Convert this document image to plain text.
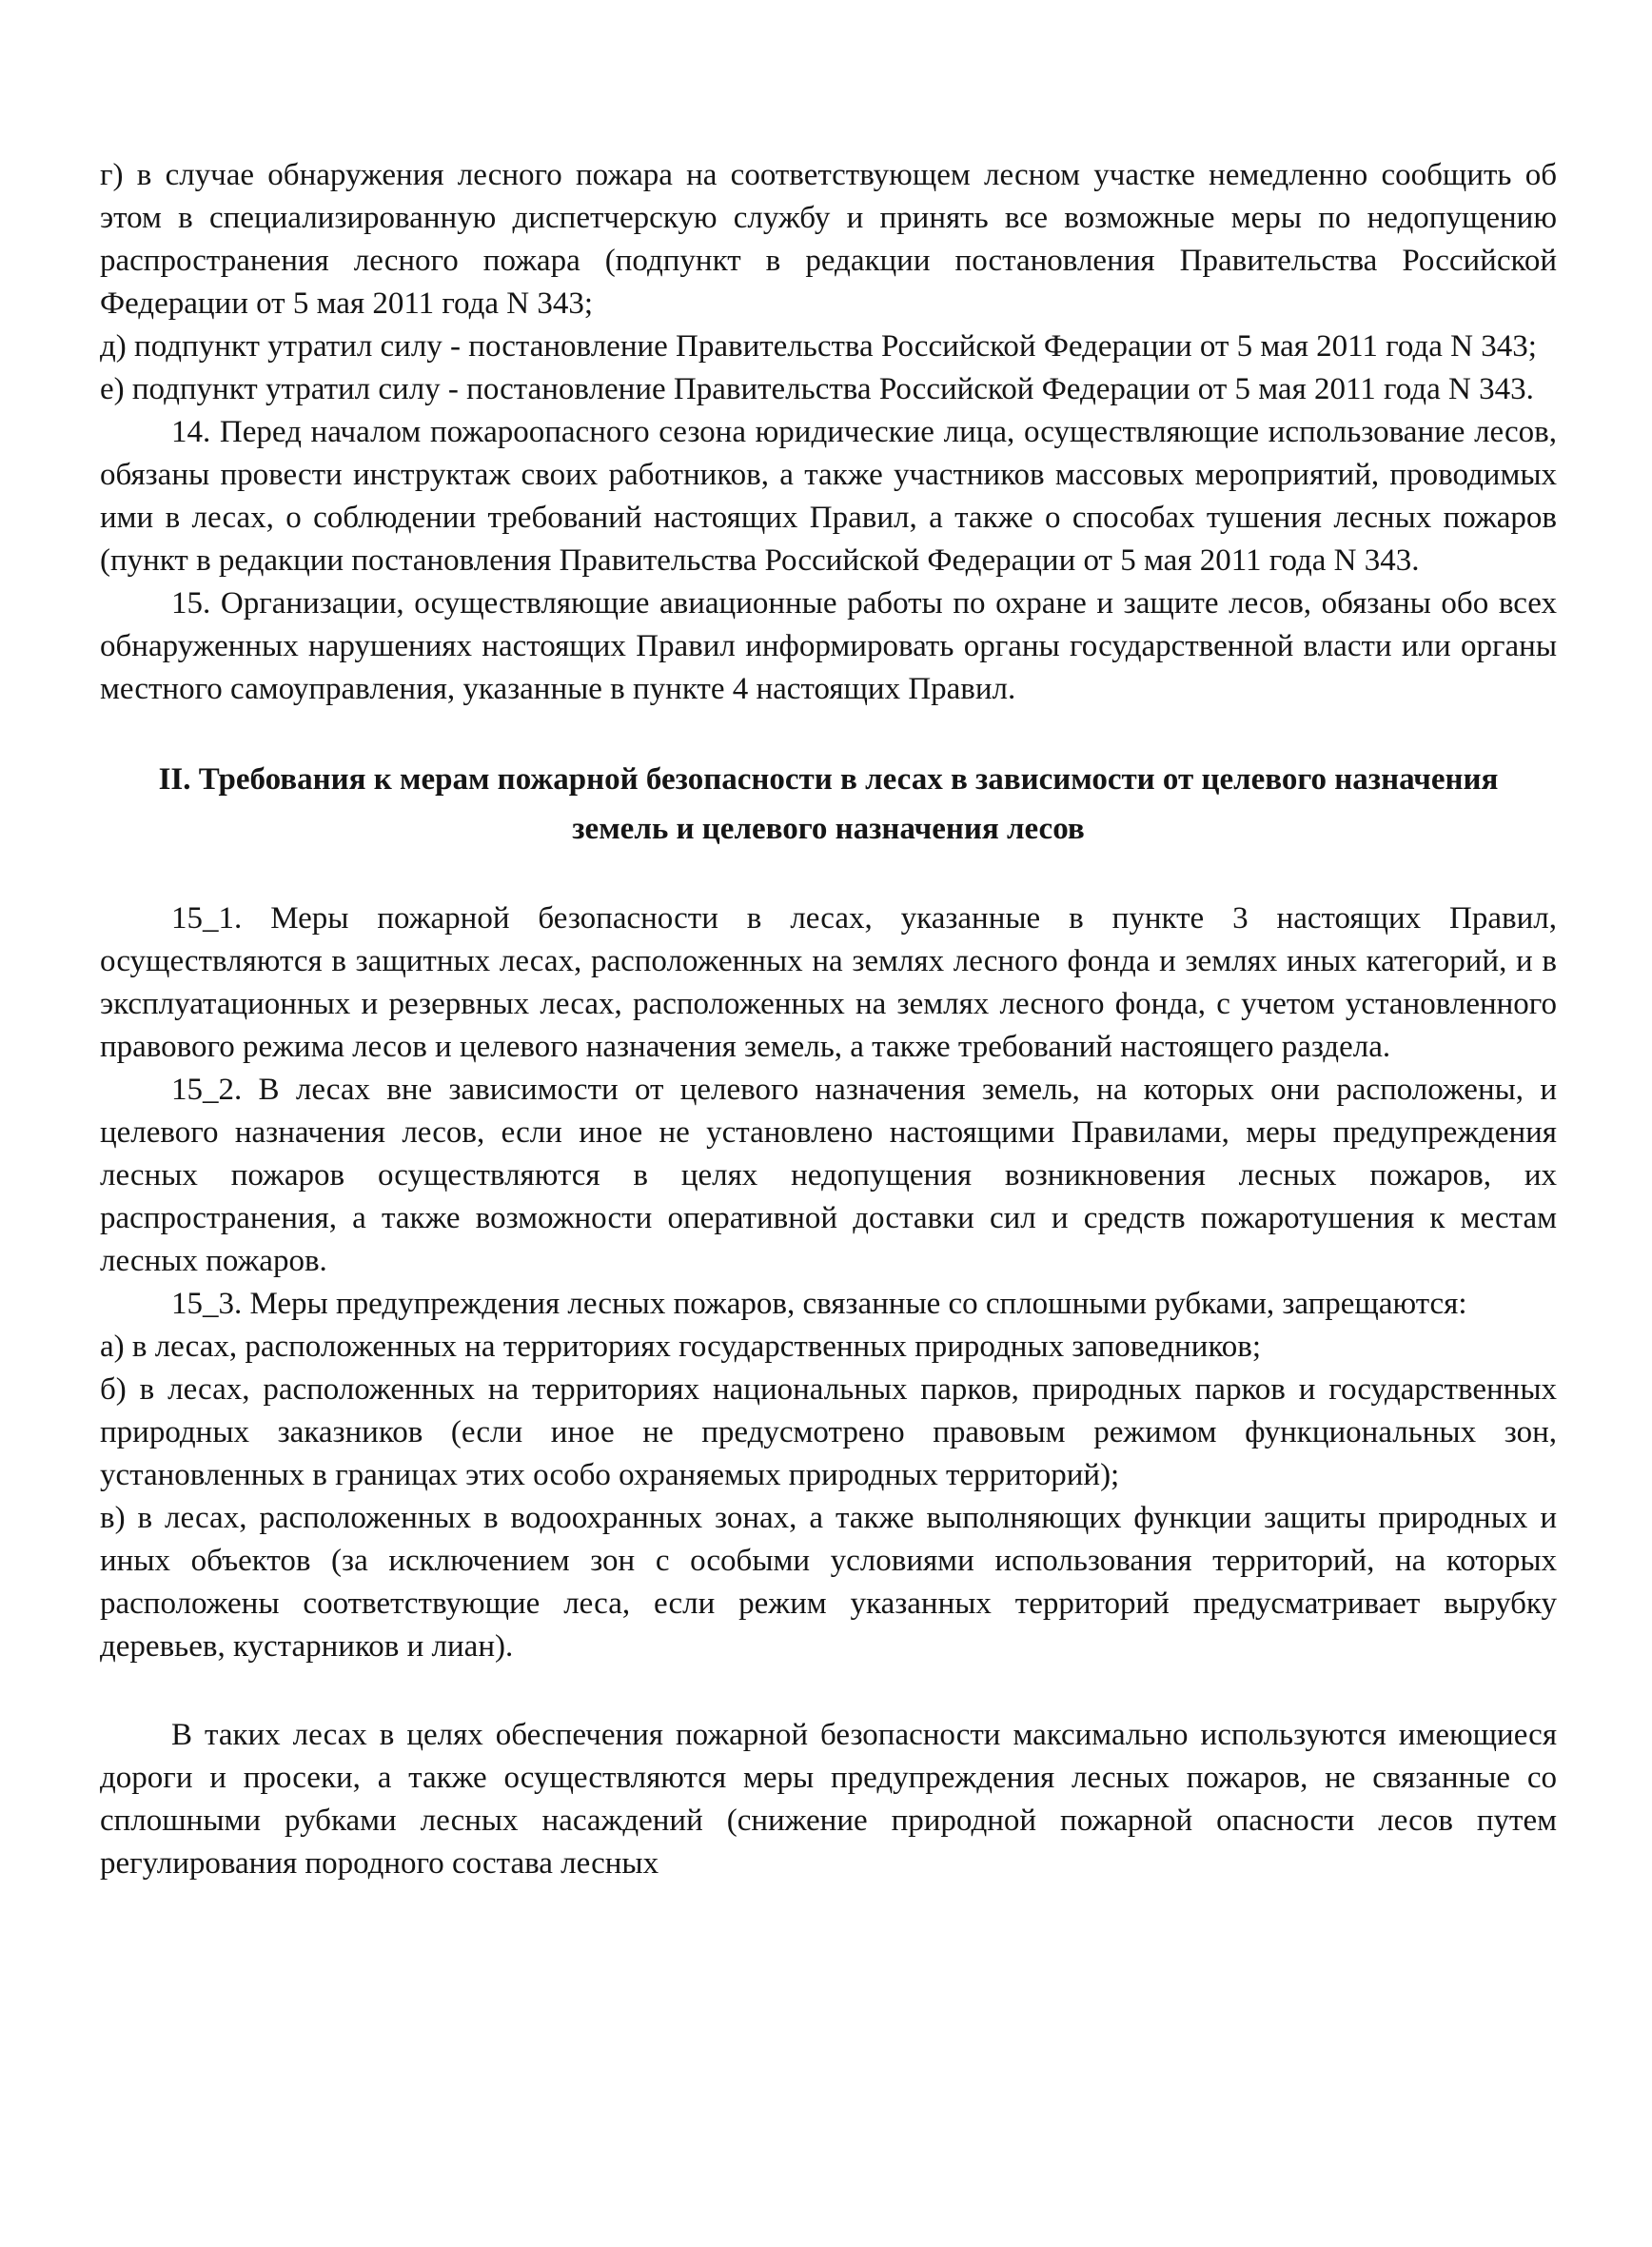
г) в случае обнаружения лесного пожара на соответствующем лесном участке немедленно сообщить об этом в специализированную диспетчерскую службу и принять все возможные меры по недопущению распространения лесного пожара (подпункт в редакции постановления Правительства Российской Федерации от 5 мая 2011 года N 343;

д) подпункт утратил силу - постановление Правительства Российской Федерации от 5 мая 2011 года N 343;

е) подпункт утратил силу - постановление Правительства Российской Федерации от 5 мая 2011 года N 343.

14. Перед началом пожароопасного сезона юридические лица, осуществляющие использование лесов, обязаны провести инструктаж своих работников, а также участников массовых мероприятий, проводимых ими в лесах, о соблюдении требований настоящих Правил, а также о способах тушения лесных пожаров (пункт в редакции постановления Правительства Российской Федерации от 5 мая 2011 года N 343.

15. Организации, осуществляющие авиационные работы по охране и защите лесов, обязаны обо всех обнаруженных нарушениях настоящих Правил информировать органы государственной власти или органы местного самоуправления, указанные в пункте 4 настоящих Правил.

II. Требования к мерам пожарной безопасности в лесах в зависимости от целевого назначения земель и целевого назначения лесов

15_1. Меры пожарной безопасности в лесах, указанные в пункте 3 настоящих Правил, осуществляются в защитных лесах, расположенных на землях лесного фонда и землях иных категорий, и в эксплуатационных и резервных лесах, расположенных на землях лесного фонда, с учетом установленного правового режима лесов и целевого назначения земель, а также требований настоящего раздела.

15_2. В лесах вне зависимости от целевого назначения земель, на которых они расположены, и целевого назначения лесов, если иное не установлено настоящими Правилами, меры предупреждения лесных пожаров осуществляются в целях недопущения возникновения лесных пожаров, их распространения, а также возможности оперативной доставки сил и средств пожаротушения к местам лесных пожаров.

15_3. Меры предупреждения лесных пожаров, связанные со сплошными рубками, запрещаются:

а) в лесах, расположенных на территориях государственных природных заповедников;

б) в лесах, расположенных на территориях национальных парков, природных парков и государственных природных заказников (если иное не предусмотрено правовым режимом функциональных зон, установленных в границах этих особо охраняемых природных территорий);

в) в лесах, расположенных в водоохранных зонах, а также выполняющих функции защиты природных и иных объектов (за исключением зон с особыми условиями использования территорий, на которых расположены соответствующие леса, если режим указанных территорий предусматривает вырубку деревьев, кустарников и лиан).

В таких лесах в целях обеспечения пожарной безопасности максимально используются имеющиеся дороги и просеки, а также осуществляются меры предупреждения лесных пожаров, не связанные со сплошными рубками лесных насаждений (снижение природной пожарной опасности лесов путем регулирования породного состава лесных
